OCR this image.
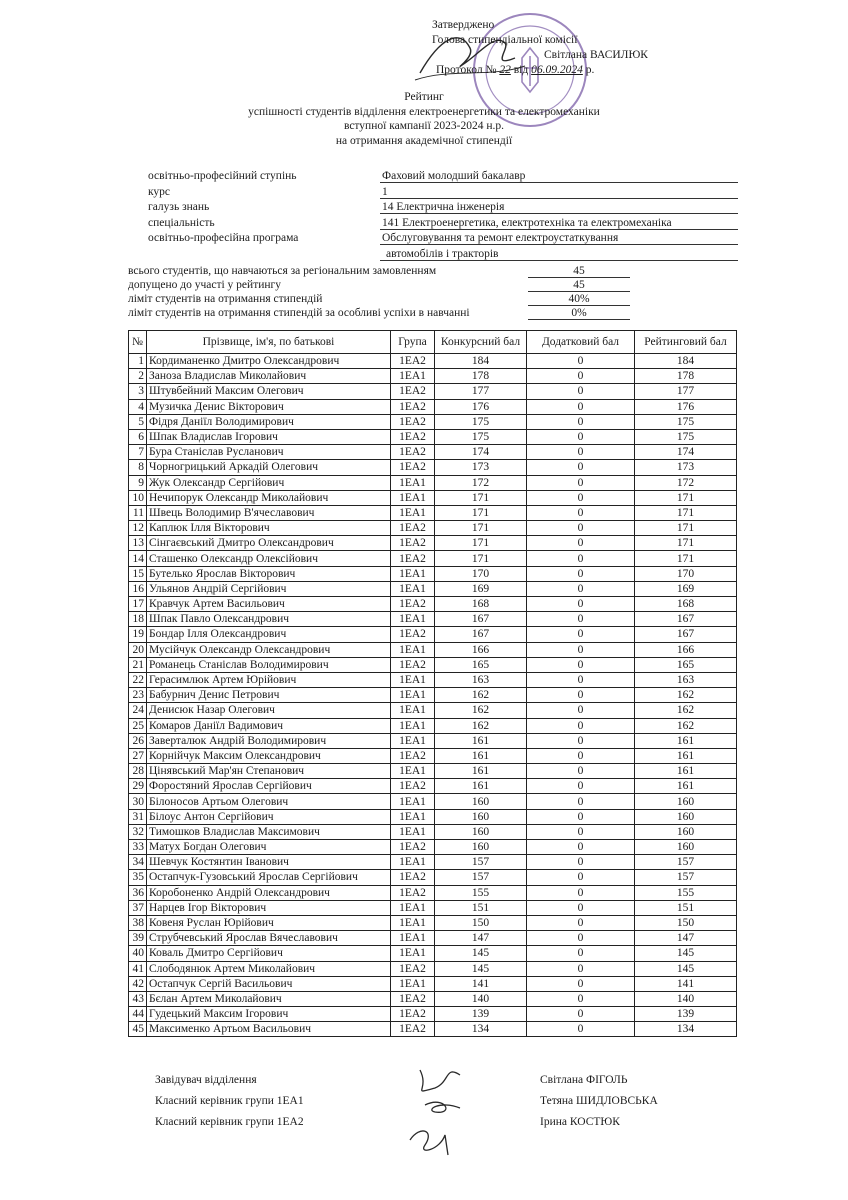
Затверджено
Голова стипендіальної комісії
Світлана ВАСИЛЮК
Протокол № 22 від 06.09.2024 р.
Рейтинг
успішності студентів відділення електроенергетики та електромеханіки
вступної кампанії 2023-2024 н.р.
на отримання академічної стипендії
освітньо-професійний ступінь	Фаховий молодший бакалавр
курс	1
галузь знань	14 Електрична інженерія
спеціальність	141 Електроенергетика, електротехніка та електромеханіка
освітньо-професійна програма	Обслуговування та ремонт електроустаткування
автомобілів і тракторів
всього студентів, що навчаються за регіональним замовленням	45
допущено до участі у рейтингу	45
ліміт студентів на отримання стипендій	40%
ліміт студентів на отримання стипендій за особливі успіхи в навчанні	0%
№	Прізвище, ім'я, по батькові	Група	Конкурсний бал	Додатковий бал	Рейтинговий бал
1	Кордиманенко Дмитро Олександрович	1ЕА2	184	0	184
2	Заноза Владислав Миколайович	1ЕА1	178	0	178
3	Штувбейний Максим Олегович	1ЕА2	177	0	177
4	Музичка Денис Вікторович	1ЕА2	176	0	176
5	Фідря Даніїл Володимирович	1ЕА2	175	0	175
6	Шпак Владислав Ігорович	1ЕА2	175	0	175
7	Бура Станіслав Русланович	1ЕА2	174	0	174
8	Чорногрицький Аркадій Олегович	1ЕА2	173	0	173
9	Жук Олександр Сергійович	1ЕА1	172	0	172
10	Нечипорук Олександр Миколайович	1ЕА1	171	0	171
11	Швець Володимир В'ячеславович	1ЕА1	171	0	171
12	Каплюк Ілля Вікторович	1ЕА2	171	0	171
13	Сінгаєвський Дмитро Олександрович	1ЕА2	171	0	171
14	Сташенко Олександр Олексійович	1ЕА2	171	0	171
15	Бутелько Ярослав Вікторович	1ЕА1	170	0	170
16	Ульянов Андрій Сергійович	1ЕА1	169	0	169
17	Кравчук Артем Васильович	1ЕА2	168	0	168
18	Шпак Павло Олександрович	1ЕА1	167	0	167
19	Бондар Ілля Олександрович	1ЕА2	167	0	167
20	Мусійчук Олександр Олександрович	1ЕА1	166	0	166
21	Романець Станіслав Володимирович	1ЕА2	165	0	165
22	Герасимлюк Артем Юрійович	1ЕА1	163	0	163
23	Бабурнич Денис Петрович	1ЕА1	162	0	162
24	Денисюк Назар Олегович	1ЕА1	162	0	162
25	Комаров Даніїл Вадимович	1ЕА1	162	0	162
26	Заверталюк Андрій Володимирович	1ЕА1	161	0	161
27	Корнійчук Максим Олександрович	1ЕА2	161	0	161
28	Цінявський Мар'ян Степанович	1ЕА1	161	0	161
29	Форостяний Ярослав Сергійович	1ЕА2	161	0	161
30	Білоносов Артьом Олегович	1ЕА1	160	0	160
31	Білоус Антон Сергійович	1ЕА1	160	0	160
32	Тимошков Владислав Максимович	1ЕА1	160	0	160
33	Матух Богдан Олегович	1ЕА2	160	0	160
34	Шевчук Костянтин Іванович	1ЕА1	157	0	157
35	Остапчук-Гузовський Ярослав Сергійович	1ЕА2	157	0	157
36	Коробоненко Андрій Олександрович	1ЕА2	155	0	155
37	Нарцев Ігор Вікторович	1ЕА1	151	0	151
38	Ковеня Руслан Юрійович	1ЕА1	150	0	150
39	Струбчевський Ярослав Вячеславович	1ЕА1	147	0	147
40	Коваль Дмитро Сергійович	1ЕА1	145	0	145
41	Слободянюк Артем Миколайович	1ЕА2	145	0	145
42	Остапчук Сергій Васильович	1ЕА1	141	0	141
43	Бєлан Артем Миколайович	1ЕА2	140	0	140
44	Гудецький Максим Ігорович	1ЕА2	139	0	139
45	Максименко Артьом Васильович	1ЕА2	134	0	134
Завідувач відділення
Класний керівник групи 1ЕА1
Класний керівник групи 1ЕА2
Світлана ФІГОЛЬ
Тетяна ШИДЛОВСЬКА
Ірина КОСТЮК
